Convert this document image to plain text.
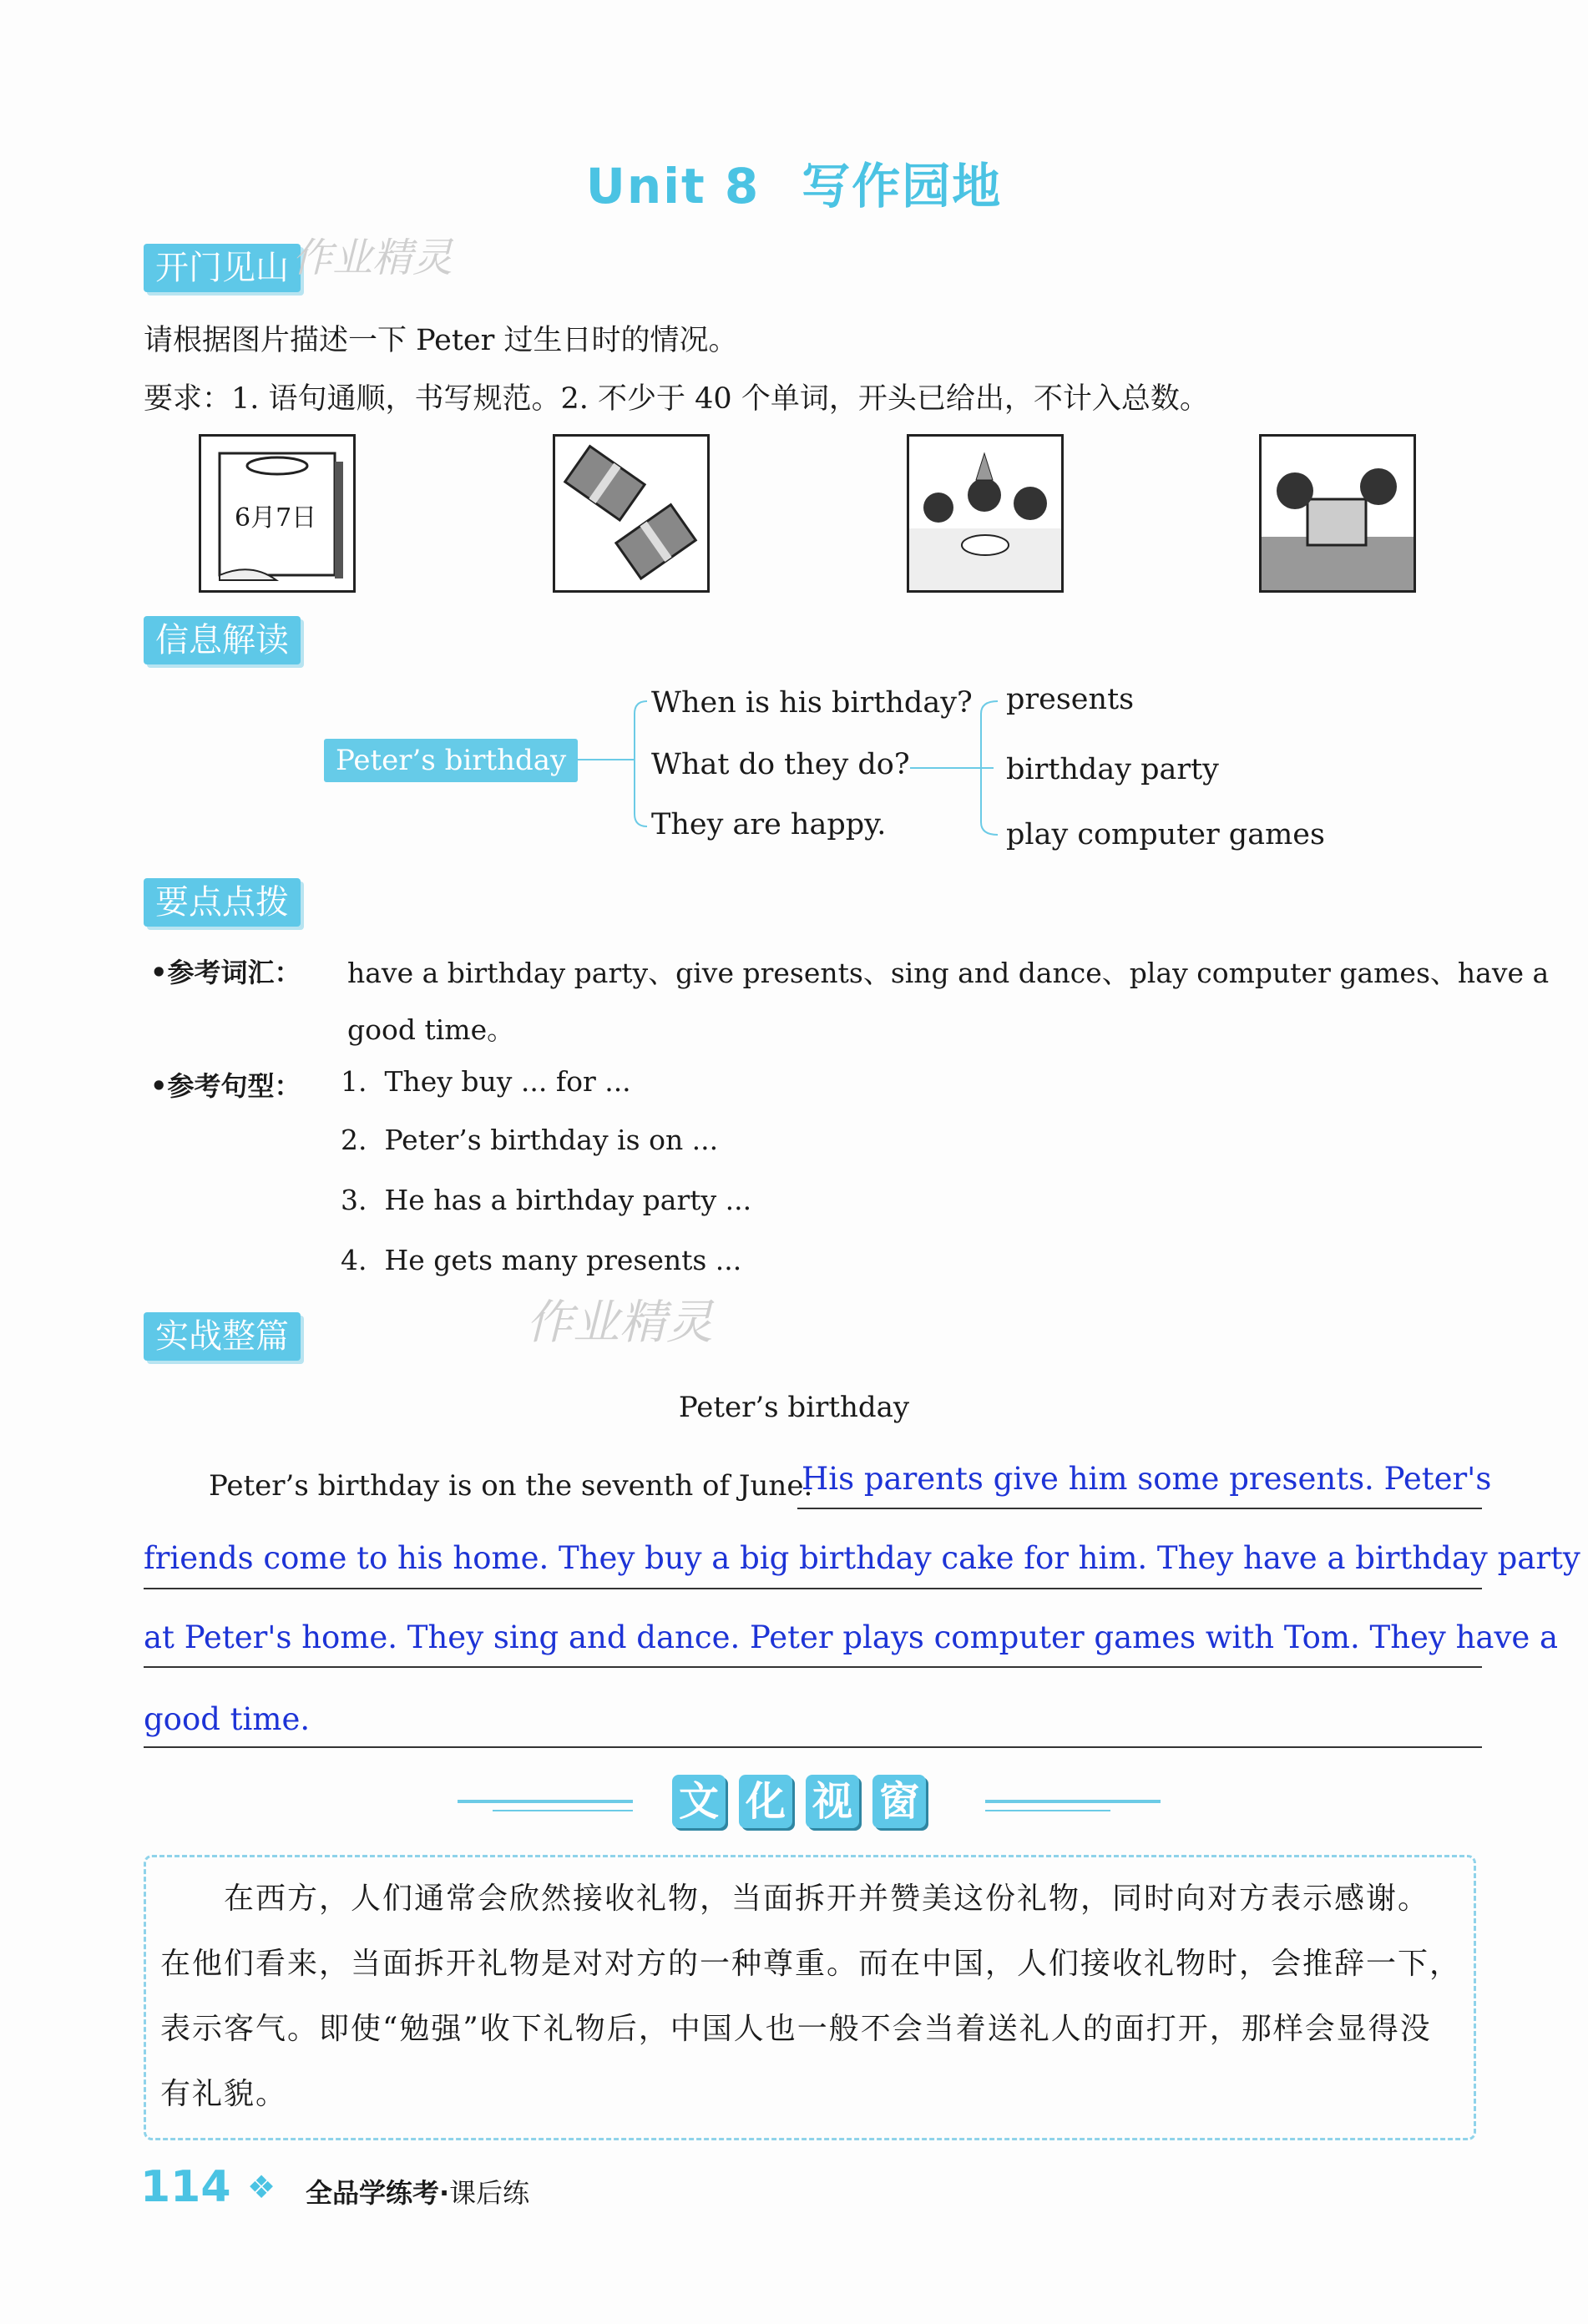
Unit 8 写作园地
开门见山 作业精灵
请根据图片描述一下 Peter 过生日时的情况。
要求：1. 语句通顺，书写规范。2. 不少于 40 个单词，开头已给出，不计入总数。
6月7日
信息解读
Peter’s birthday
When is his birthday?
What do they do?
They are happy.
presents
birthday party
play computer games
要点点拨
•参考词汇： have a birthday party、give presents、sing and dance、play computer games、have a
good time。
•参考句型： 1.  They buy ... for ...
2.  Peter’s birthday is on ...
3.  He has a birthday party ...
4.  He gets many presents ...
实战整篇	作业精灵
Peter’s birthday
Peter’s birthday is on the seventh of June.
His parents give him some presents. Peter's
friends come to his home. They buy a big birthday cake for him. They have a birthday party
at Peter's home. They sing and dance. Peter plays computer games with Tom. They have a
good time.
文 化 视 窗
在西方，人们通常会欣然接收礼物，当面拆开并赞美这份礼物，同时向对方表示感谢。
在他们看来，当面拆开礼物是对对方的一种尊重。而在中国，人们接收礼物时，会推辞一下，
表示客气。即使“勉强”收下礼物后，中国人也一般不会当着送礼人的面打开，那样会显得没
有礼貌。
114 ❖ 全品学练考·课后练
